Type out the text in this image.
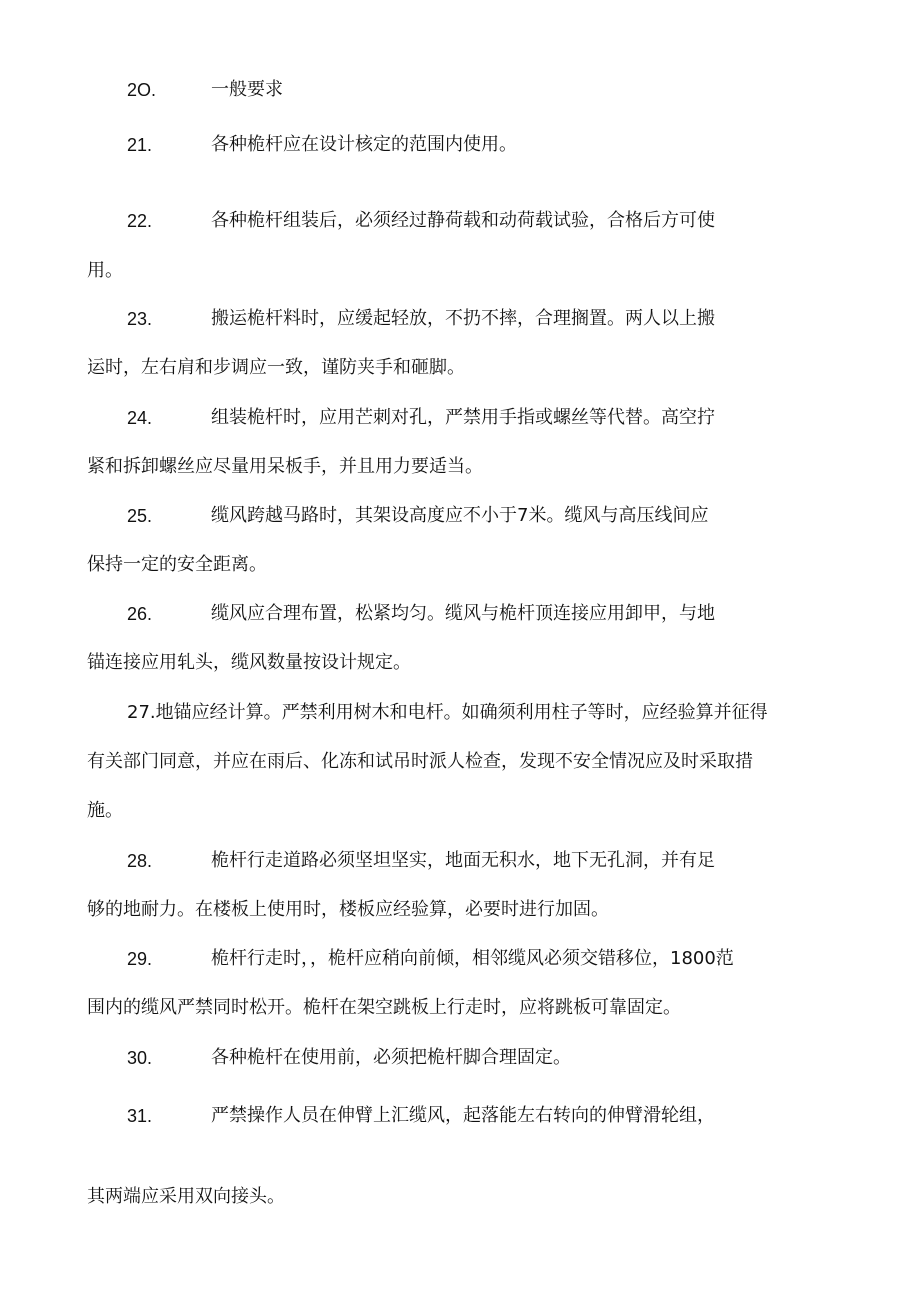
2O.	一般要求
21.	各种桅杆应在设计核定的范围内使用。
22.	各种桅杆组装后，必须经过静荷载和动荷载试验，合格后方可使
用。
23.	搬运桅杆料时，应缓起轻放，不扔不摔，合理搁置。两人以上搬
运时，左右肩和步调应一致，谨防夹手和砸脚。
24.	组装桅杆时，应用芒刺对孔，严禁用手指或螺丝等代替。高空拧
紧和拆卸螺丝应尽量用呆板手，并且用力要适当。
25.	缆风跨越马路时，其架设高度应不小于7米。缆风与高压线间应
保持一定的安全距离。
26.	缆风应合理布置，松紧均匀。缆风与桅杆顶连接应用卸甲，与地
锚连接应用轧头，缆风数量按设计规定。
27.地锚应经计算。严禁利用树木和电杆。如确须利用柱子等时，应经验算并征得
有关部门同意，并应在雨后、化冻和试吊时派人检查，发现不安全情况应及时采取措
施。
28.	桅杆行走道路必须坚坦坚实，地面无积水，地下无孔洞，并有足
够的地耐力。在楼板上使用时，楼板应经验算，必要时进行加固。
29.	桅杆行走时，，桅杆应稍向前倾，相邻缆风必须交错移位，1800范
围内的缆风严禁同时松开。桅杆在架空跳板上行走时，应将跳板可靠固定。
30.	各种桅杆在使用前，必须把桅杆脚合理固定。
31.	严禁操作人员在伸臂上汇缆风，起落能左右转向的伸臂滑轮组，
其两端应采用双向接头。
